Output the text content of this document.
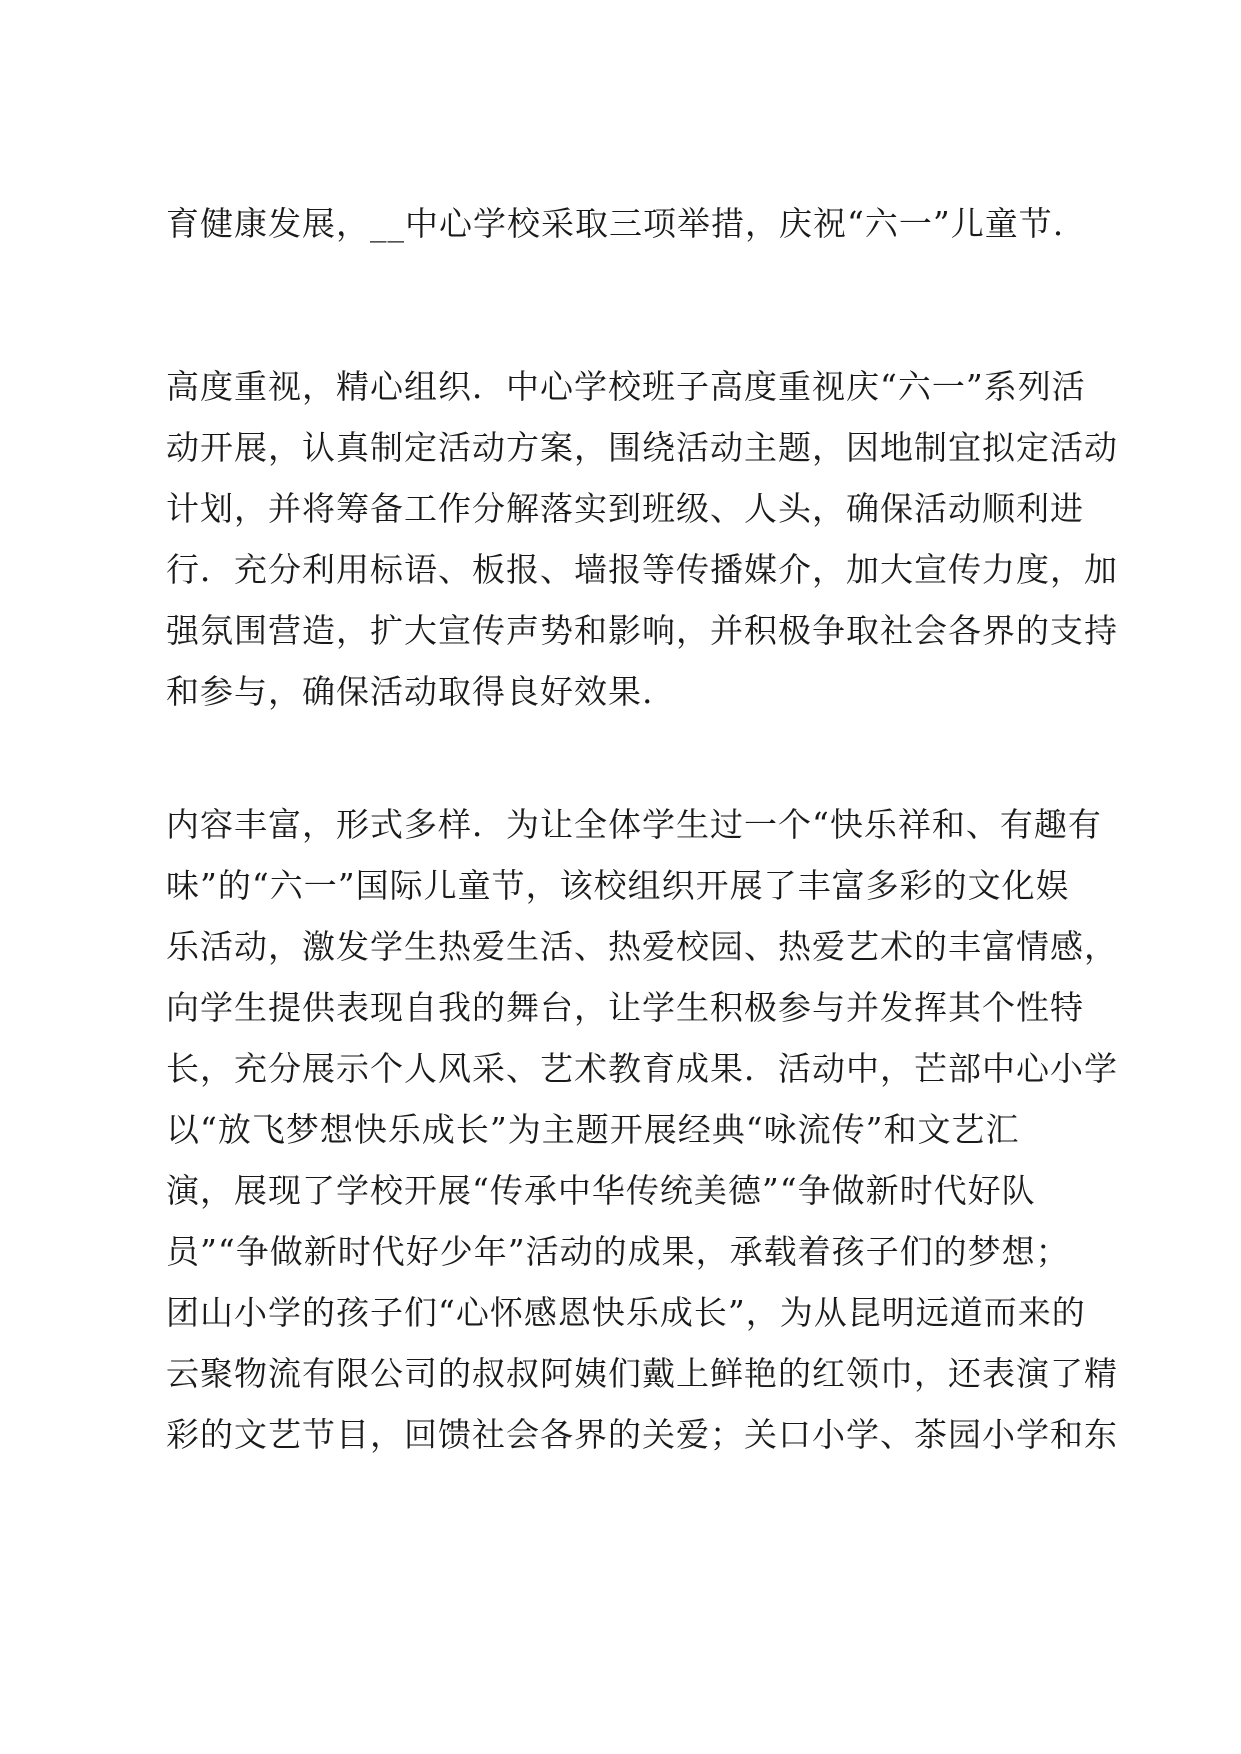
育健康发展，__中心学校采取三项举措，庆祝“六一”儿童节.
高度重视，精心组织．中心学校班子高度重视庆“六一”系列活
动开展，认真制定活动方案，围绕活动主题，因地制宜拟定活动
计划，并将筹备工作分解落实到班级、人头，确保活动顺利进
行．充分利用标语、板报、墙报等传播媒介，加大宣传力度，加
强氛围营造，扩大宣传声势和影响，并积极争取社会各界的支持
和参与，确保活动取得良好效果.
内容丰富，形式多样．为让全体学生过一个“快乐祥和、有趣有
味”的“六一”国际儿童节，该校组织开展了丰富多彩的文化娱
乐活动，激发学生热爱生活、热爱校园、热爱艺术的丰富情感，
向学生提供表现自我的舞台，让学生积极参与并发挥其个性特
长，充分展示个人风采、艺术教育成果．活动中，芒部中心小学
以“放飞梦想快乐成长”为主题开展经典“咏流传”和文艺汇
演，展现了学校开展“传承中华传统美德”“争做新时代好队
员”“争做新时代好少年”活动的成果，承载着孩子们的梦想；
团山小学的孩子们“心怀感恩快乐成长”，为从昆明远道而来的
云聚物流有限公司的叔叔阿姨们戴上鲜艳的红领巾，还表演了精
彩的文艺节目，回馈社会各界的关爱；关口小学、茶园小学和东
